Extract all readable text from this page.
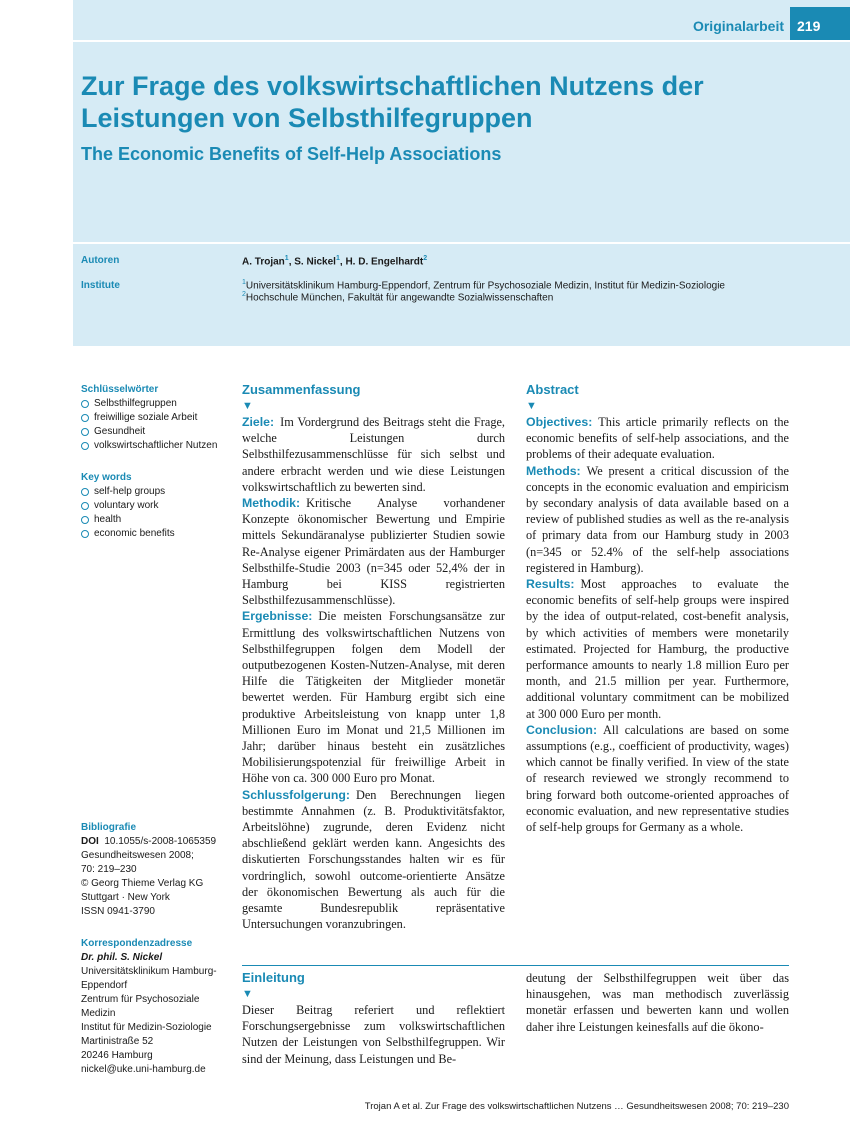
Originalarbeit 219
Zur Frage des volkswirtschaftlichen Nutzens der Leistungen von Selbsthilfegruppen
The Economic Benefits of Self-Help Associations
Autoren
Institute
A. Trojan$^1$, S. Nickel$^1$, H. D. Engelhardt$^2$
$^1$Universitätsklinikum Hamburg-Eppendorf, Zentrum für Psychosoziale Medizin, Institut für Medizin-Soziologie
$^2$Hochschule München, Fakultät für angewandte Sozialwissenschaften
Schlüsselwörter
Selbsthilfegruppen
freiwillige soziale Arbeit
Gesundheit
volkswirtschaftlicher Nutzen
Key words
self-help groups
voluntary work
health
economic benefits
Bibliografie

DOI 10.1055/s-2008-1065359

Gesundheitswesen 2008;

70: 219–230

© Georg Thieme Verlag KG

Stuttgart · New York

ISSN 0941-3790

Korrespondenzadresse

Dr. phil. S. Nickel

Universitätsklinikum Hamburg-

Eppendorf

Zentrum für Psychosoziale

Medizin

Institut für Medizin-Soziologie

Martinistraße 52

20246 Hamburg

nickel@uke.uni-hamburg.de

Zusammenfassung
▼

Ziele: Im Vordergrund des Beitrags steht die Frage, welche Leistungen durch Selbsthilfezusammenschlüsse für sich selbst und andere erbracht werden und wie diese Leistungen volkswirtschaftlich zu bewerten sind.

Methodik: Kritische Analyse vorhandener Konzepte ökonomischer Bewertung und Empirie mittels Sekundäranalyse publizierter Studien sowie Re-Analyse eigener Primärdaten aus der Hamburger Selbsthilfe-Studie 2003 (n=345 oder 52,4% der in Hamburg bei KISS registrierten Selbsthilfezusammenschlüsse).

Ergebnisse: Die meisten Forschungsansätze zur Ermittlung des volkswirtschaftlichen Nutzens von Selbsthilfegruppen folgen dem Modell der outputbezogenen Kosten-Nutzen-Analyse, mit deren Hilfe die Tätigkeiten der Mitglieder monetär bewertet werden. Für Hamburg ergibt sich eine produktive Arbeitsleistung von knapp unter 1,8 Millionen Euro im Monat und 21,5 Millionen im Jahr; darüber hinaus besteht ein zusätzliches Mobilisierungspotenzial für freiwillige Arbeit in Höhe von ca. 300 000 Euro pro Monat.

Schlussfolgerung: Den Berechnungen liegen bestimmte Annahmen (z. B. Produktivitätsfaktor, Arbeitslöhne) zugrunde, deren Evidenz nicht abschließend geklärt werden kann. Angesichts des diskutierten Forschungsstandes halten wir es für vordringlich, sowohl outcome-orientierte Ansätze der ökonomischen Bewertung als auch für die gesamte Bundesrepublik repräsentative Untersuchungen voranzubringen.

Abstract
▼

Objectives: This article primarily reflects on the economic benefits of self-help associations, and the problems of their adequate evaluation.

Methods: We present a critical discussion of the concepts in the economic evaluation and empiricism by secondary analysis of data available based on a review of published studies as well as the re-analysis of primary data from our Hamburg study in 2003 (n=345 or 52.4% of the self-help associations registered in Hamburg).

Results: Most approaches to evaluate the economic benefits of self-help groups were inspired by the idea of output-related, cost-benefit analysis, by which activities of members were monetarily estimated. Projected for Hamburg, the productive performance amounts to nearly 1.8 million Euro per month, and 21.5 million per year. Furthermore, additional voluntary commitment can be mobilized at 300 000 Euro per month.

Conclusion: All calculations are based on some assumptions (e.g., coefficient of productivity, wages) which cannot be finally verified. In view of the state of research reviewed we strongly recommend to bring forward both outcome-oriented approaches of economic evaluation, and new representative studies of self-help groups for Germany as a whole.

Einleitung
▼

Dieser Beitrag referiert und reflektiert Forschungsergebnisse zum volkswirtschaftlichen Nutzen der Leistungen von Selbsthilfegruppen. Wir sind der Meinung, dass Leistungen und Be-

deutung der Selbsthilfegruppen weit über das hinausgehen, was man methodisch zuverlässig monetär erfassen und bewerten kann und wollen daher ihre Leistungen keinesfalls auf die ökono-

Trojan A et al. Zur Frage des volkswirtschaftlichen Nutzens … Gesundheitswesen 2008; 70: 219–230
